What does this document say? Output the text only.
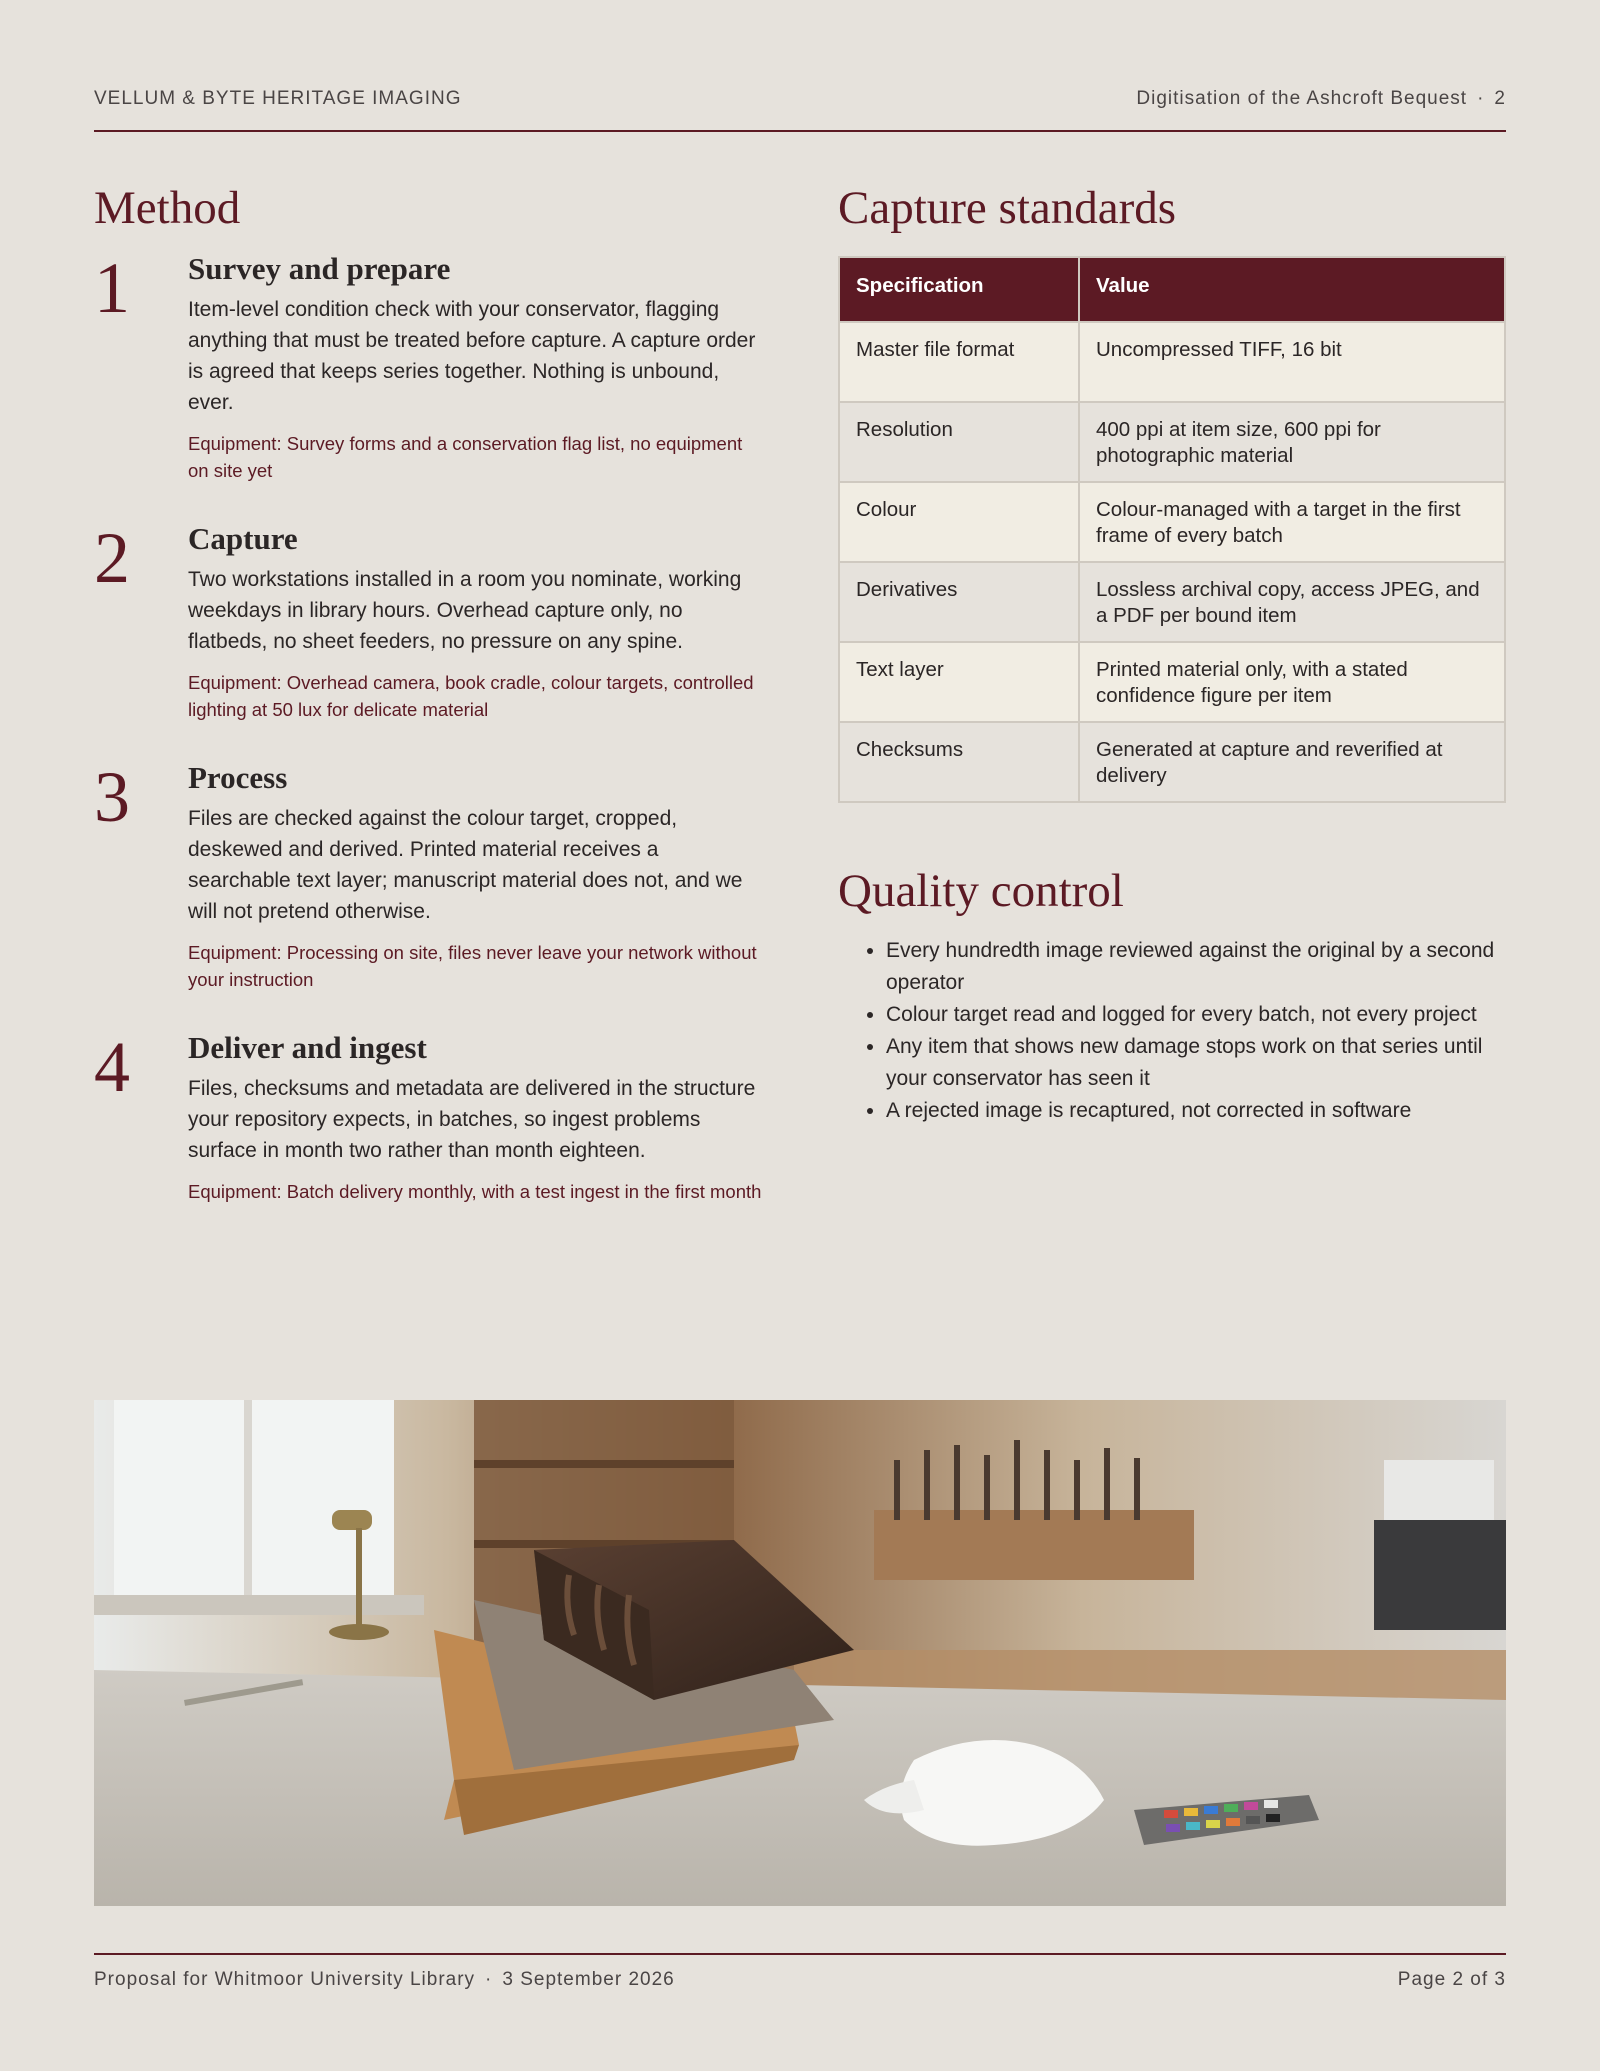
VELLUM & BYTE HERITAGE IMAGING	Digitisation of the Ashcroft Bequest · 2
Method
1 Survey and prepare

Item-level condition check with your conservator, flagging anything that must be treated before capture. A capture order is agreed that keeps series together. Nothing is unbound, ever.

Equipment: Survey forms and a conservation flag list, no equipment on site yet

2 Capture

Two workstations installed in a room you nominate, working weekdays in library hours. Overhead capture only, no flatbeds, no sheet feeders, no pressure on any spine.

Equipment: Overhead camera, book cradle, colour targets, controlled lighting at 50 lux for delicate material

3 Process

Files are checked against the colour target, cropped, deskewed and derived. Printed material receives a searchable text layer; manuscript material does not, and we will not pretend otherwise.

Equipment: Processing on site, files never leave your network without your instruction

4 Deliver and ingest

Files, checksums and metadata are delivered in the structure your repository expects, in batches, so ingest problems surface in month two rather than month eighteen.

Equipment: Batch delivery monthly, with a test ingest in the first month

Capture standards
Specification	Value
Master file format	Uncompressed TIFF, 16 bit
Resolution	400 ppi at item size, 600 ppi for photographic material
Colour	Colour-managed with a target in the first frame of every batch
Derivatives	Lossless archival copy, access JPEG, and a PDF per bound item
Text layer	Printed material only, with a stated confidence figure per item
Checksums	Generated at capture and reverified at delivery
Quality control
• Every hundredth image reviewed against the original by a second operator
• Colour target read and logged for every batch, not every project
• Any item that shows new damage stops work on that series until your conservator has seen it
• A rejected image is recaptured, not corrected in software
Proposal for Whitmoor University Library · 3 September 2026	Page 2 of 3
